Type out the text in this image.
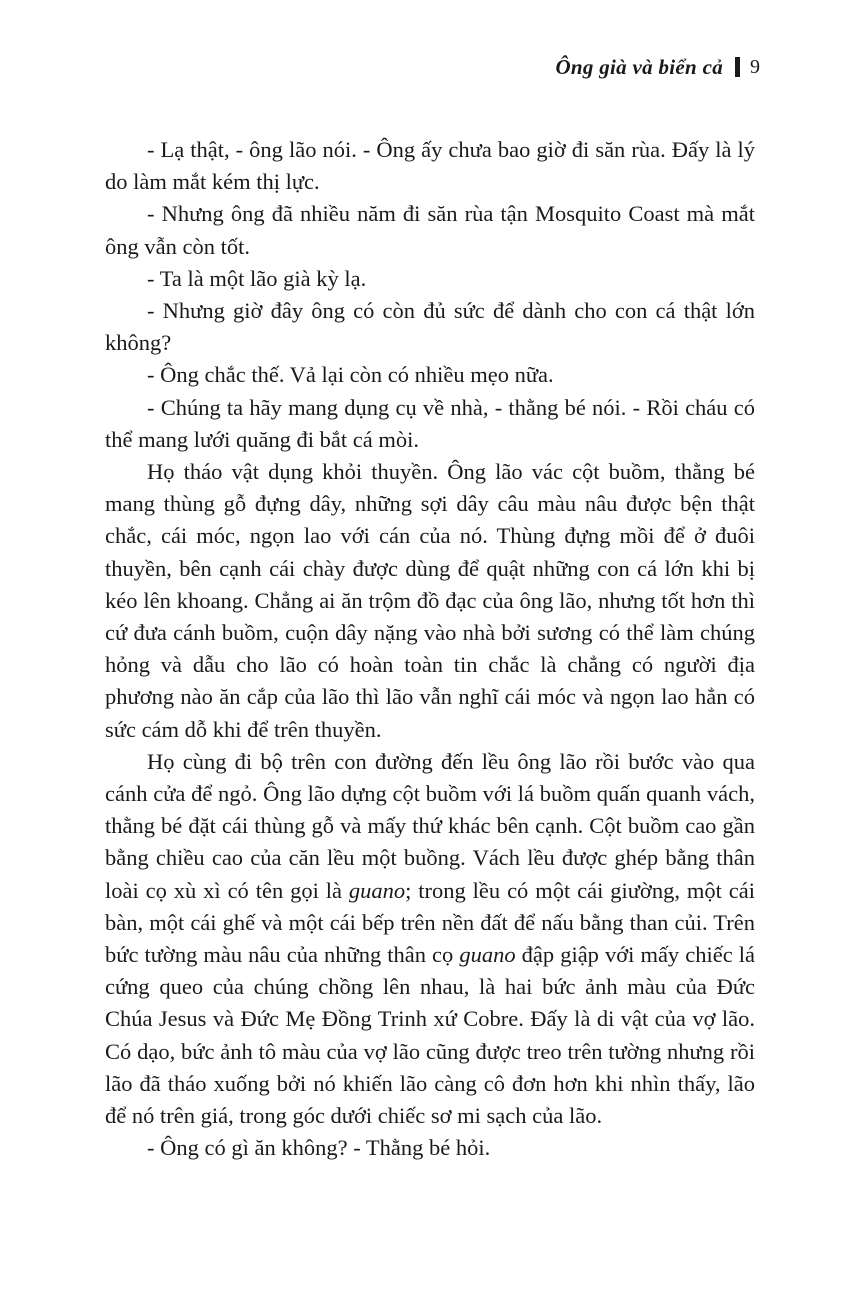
Ông già và biển cả 9

- Lạ thật, - ông lão nói. - Ông ấy chưa bao giờ đi săn rùa. Đấy là lý do làm mắt kém thị lực.

- Nhưng ông đã nhiều năm đi săn rùa tận Mosquito Coast mà mắt ông vẫn còn tốt.

- Ta là một lão già kỳ lạ.

- Nhưng giờ đây ông có còn đủ sức để dành cho con cá thật lớn không?

- Ông chắc thế. Vả lại còn có nhiều mẹo nữa.

- Chúng ta hãy mang dụng cụ về nhà, - thằng bé nói. - Rồi cháu có thể mang lưới quăng đi bắt cá mòi.

Họ tháo vật dụng khỏi thuyền. Ông lão vác cột buồm, thằng bé mang thùng gỗ đựng dây, những sợi dây câu màu nâu được bện thật chắc, cái móc, ngọn lao với cán của nó. Thùng đựng mồi để ở đuôi thuyền, bên cạnh cái chày được dùng để quật những con cá lớn khi bị kéo lên khoang. Chẳng ai ăn trộm đồ đạc của ông lão, nhưng tốt hơn thì cứ đưa cánh buồm, cuộn dây nặng vào nhà bởi sương có thể làm chúng hỏng và dẫu cho lão có hoàn toàn tin chắc là chẳng có người địa phương nào ăn cắp của lão thì lão vẫn nghĩ cái móc và ngọn lao hẳn có sức cám dỗ khi để trên thuyền.

Họ cùng đi bộ trên con đường đến lều ông lão rồi bước vào qua cánh cửa để ngỏ. Ông lão dựng cột buồm với lá buồm quấn quanh vách, thằng bé đặt cái thùng gỗ và mấy thứ khác bên cạnh. Cột buồm cao gần bằng chiều cao của căn lều một buồng. Vách lều được ghép bằng thân loài cọ xù xì có tên gọi là guano; trong lều có một cái giường, một cái bàn, một cái ghế và một cái bếp trên nền đất để nấu bằng than củi. Trên bức tường màu nâu của những thân cọ guano đập giập với mấy chiếc lá cứng queo của chúng chồng lên nhau, là hai bức ảnh màu của Đức Chúa Jesus và Đức Mẹ Đồng Trinh xứ Cobre. Đấy là di vật của vợ lão. Có dạo, bức ảnh tô màu của vợ lão cũng được treo trên tường nhưng rồi lão đã tháo xuống bởi nó khiến lão càng cô đơn hơn khi nhìn thấy, lão để nó trên giá, trong góc dưới chiếc sơ mi sạch của lão.

- Ông có gì ăn không? - Thằng bé hỏi.
